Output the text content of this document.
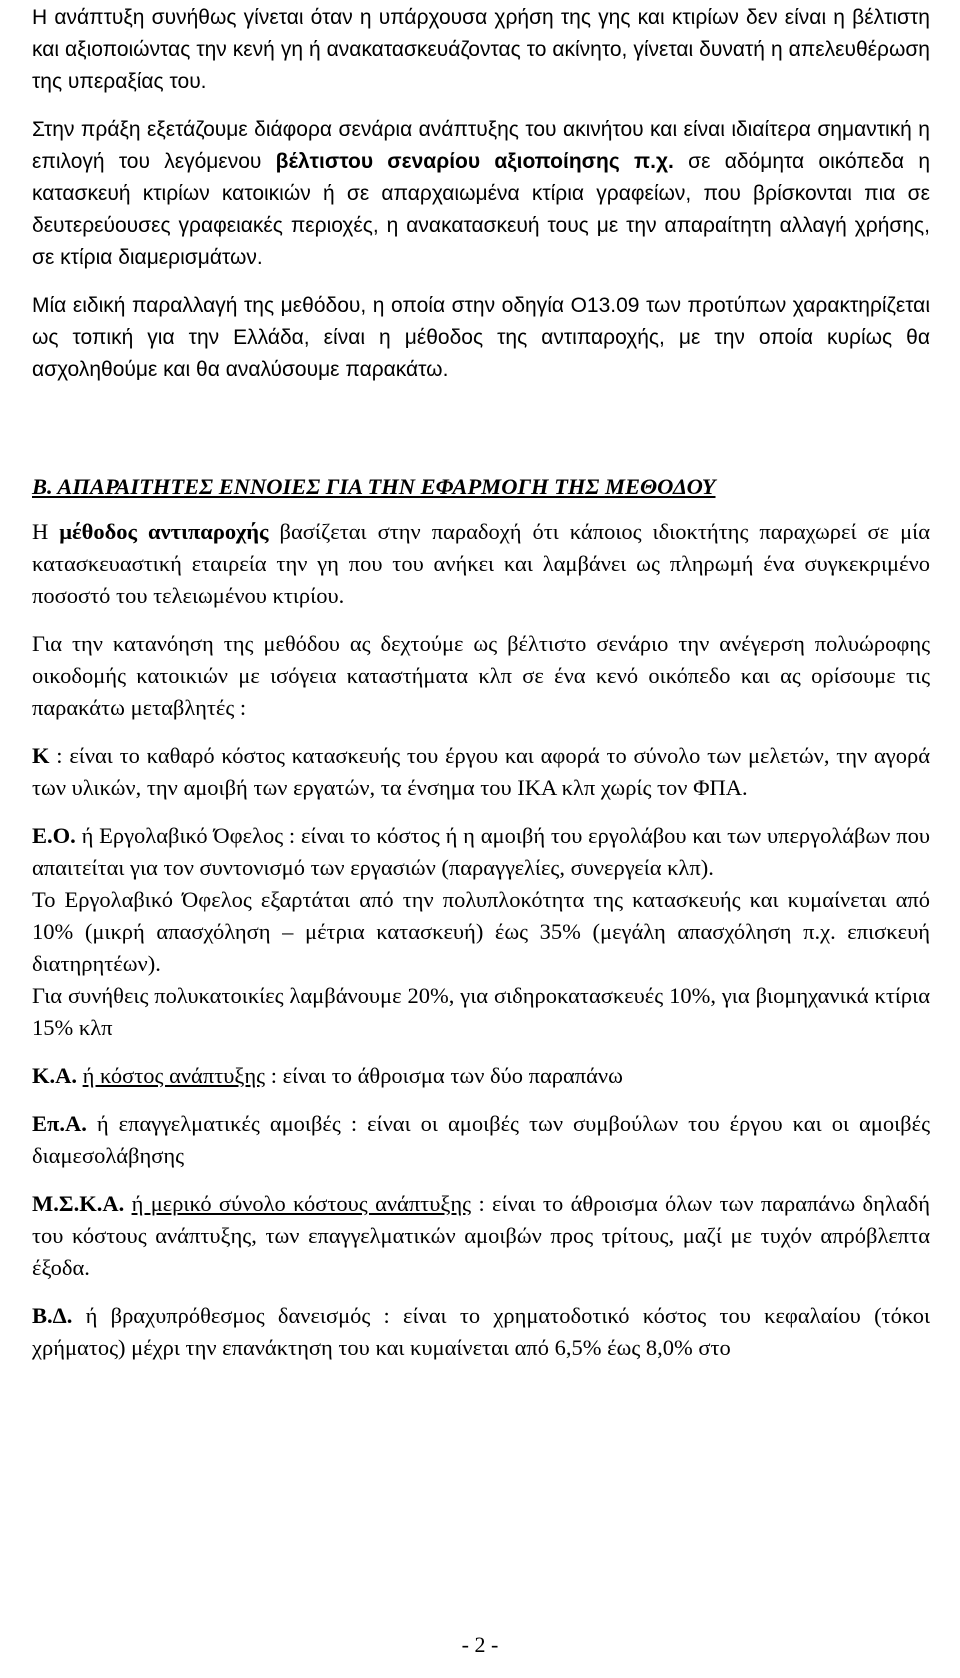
Η ανάπτυξη συνήθως γίνεται όταν η υπάρχουσα χρήση της γης και κτιρίων δεν είναι η βέλτιστη και αξιοποιώντας την κενή γη ή ανακατασκευάζοντας το ακίνητο, γίνεται δυνατή η απελευθέρωση της υπεραξίας του.

Στην πράξη εξετάζουμε διάφορα σενάρια ανάπτυξης του ακινήτου και είναι ιδιαίτερα σημαντική η επιλογή του λεγόμενου βέλτιστου σεναρίου αξιοποίησης π.χ. σε αδόμητα οικόπεδα η κατασκευή κτιρίων κατοικιών ή σε απαρχαιωμένα κτίρια γραφείων, που βρίσκονται πια σε δευτερεύουσες γραφειακές περιοχές, η ανακατασκευή τους με την απαραίτητη αλλαγή χρήσης, σε κτίρια διαμερισμάτων.

Μία ειδική παραλλαγή της μεθόδου, η οποία στην οδηγία Ο13.09 των προτύπων χαρακτηρίζεται ως τοπική για την Ελλάδα, είναι η μέθοδος της αντιπαροχής, με την οποία κυρίως θα ασχοληθούμε και θα αναλύσουμε παρακάτω.

Β. ΑΠΑΡΑΙΤΗΤΕΣ ΕΝΝΟΙΕΣ ΓΙΑ ΤΗΝ ΕΦΑΡΜΟΓΗ ΤΗΣ ΜΕΘΟΔΟΥ

Η μέθοδος αντιπαροχής βασίζεται στην παραδοχή ότι κάποιος ιδιοκτήτης παραχωρεί σε μία κατασκευαστική εταιρεία την γη που του ανήκει και λαμβάνει ως πληρωμή ένα συγκεκριμένο ποσοστό του τελειωμένου κτιρίου.

Για την κατανόηση της μεθόδου ας δεχτούμε ως βέλτιστο σενάριο την ανέγερση πολυώροφης οικοδομής κατοικιών με ισόγεια καταστήματα κλπ σε ένα κενό οικόπεδο και ας ορίσουμε τις παρακάτω μεταβλητές :

Κ : είναι το καθαρό κόστος κατασκευής του έργου και αφορά το σύνολο των μελετών, την αγορά των υλικών, την αμοιβή των εργατών, τα ένσημα του ΙΚΑ κλπ χωρίς τον ΦΠΑ.

Ε.Ο. ή Εργολαβικό Όφελος : είναι το κόστος ή η αμοιβή του εργολάβου και των υπεργολάβων που απαιτείται για τον συντονισμό των εργασιών (παραγγελίες, συνεργεία κλπ).

Το Εργολαβικό Όφελος εξαρτάται από την πολυπλοκότητα της κατασκευής και κυμαίνεται από 10% (μικρή απασχόληση – μέτρια κατασκευή) έως 35% (μεγάλη απασχόληση π.χ. επισκευή διατηρητέων).

Για συνήθεις πολυκατοικίες λαμβάνουμε 20%, για σιδηροκατασκευές 10%, για βιομηχανικά κτίρια 15% κλπ

Κ.Α. ή κόστος ανάπτυξης : είναι το άθροισμα των δύο παραπάνω

Επ.Α. ή επαγγελματικές αμοιβές : είναι οι αμοιβές των συμβούλων του έργου και οι αμοιβές διαμεσολάβησης

Μ.Σ.Κ.Α. ή μερικό σύνολο κόστους ανάπτυξης : είναι το άθροισμα όλων των παραπάνω δηλαδή του κόστους ανάπτυξης, των επαγγελματικών αμοιβών προς τρίτους, μαζί με τυχόν απρόβλεπτα έξοδα.

Β.Δ. ή βραχυπρόθεσμος δανεισμός : είναι το χρηματοδοτικό κόστος του κεφαλαίου (τόκοι χρήματος) μέχρι την επανάκτηση του και κυμαίνεται από 6,5% έως 8,0% στο

- 2 -
